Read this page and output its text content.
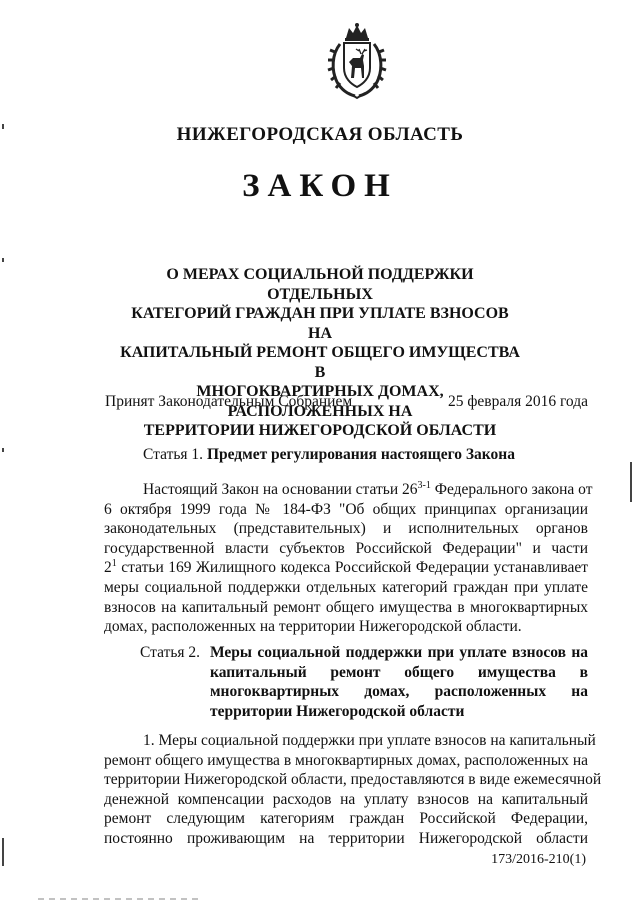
НИЖЕГОРОДСКАЯ ОБЛАСТЬ
ЗАКОН
О МЕРАХ СОЦИАЛЬНОЙ ПОДДЕРЖКИ ОТДЕЛЬНЫХ
КАТЕГОРИЙ ГРАЖДАН ПРИ УПЛАТЕ ВЗНОСОВ НА
КАПИТАЛЬНЫЙ РЕМОНТ ОБЩЕГО ИМУЩЕСТВА В
МНОГОКВАРТИРНЫХ ДОМАХ, РАСПОЛОЖЕННЫХ НА
ТЕРРИТОРИИ НИЖЕГОРОДСКОЙ ОБЛАСТИ
Принят Законодательным Собранием	25 февраля 2016 года
Статья 1. Предмет регулирования настоящего Закона
Настоящий Закон на основании статьи 26$^{3-1}$ Федерального закона от
6 октября 1999 года № 184-ФЗ "Об общих принципах организации
законодательных (представительных) и исполнительных органов
государственной власти субъектов Российской Федерации" и части
$2^1$ статьи 169 Жилищного кодекса Российской Федерации устанавливает
меры социальной поддержки отдельных категорий граждан при уплате
взносов на капитальный ремонт общего имущества в многоквартирных
домах, расположенных на территории Нижегородской области.
Статья 2. Меры социальной поддержки при уплате взносов на
капитальный ремонт общего имущества в
многоквартирных домах, расположенных на
территории Нижегородской области
1. Меры социальной поддержки при уплате взносов на капитальный
ремонт общего имущества в многоквартирных домах, расположенных на
территории Нижегородской области, предоставляются в виде ежемесячной
денежной компенсации расходов на уплату взносов на капитальный
ремонт следующим категориям граждан Российской Федерации,
постоянно проживающим на территории Нижегородской области
173/2016-210(1)
